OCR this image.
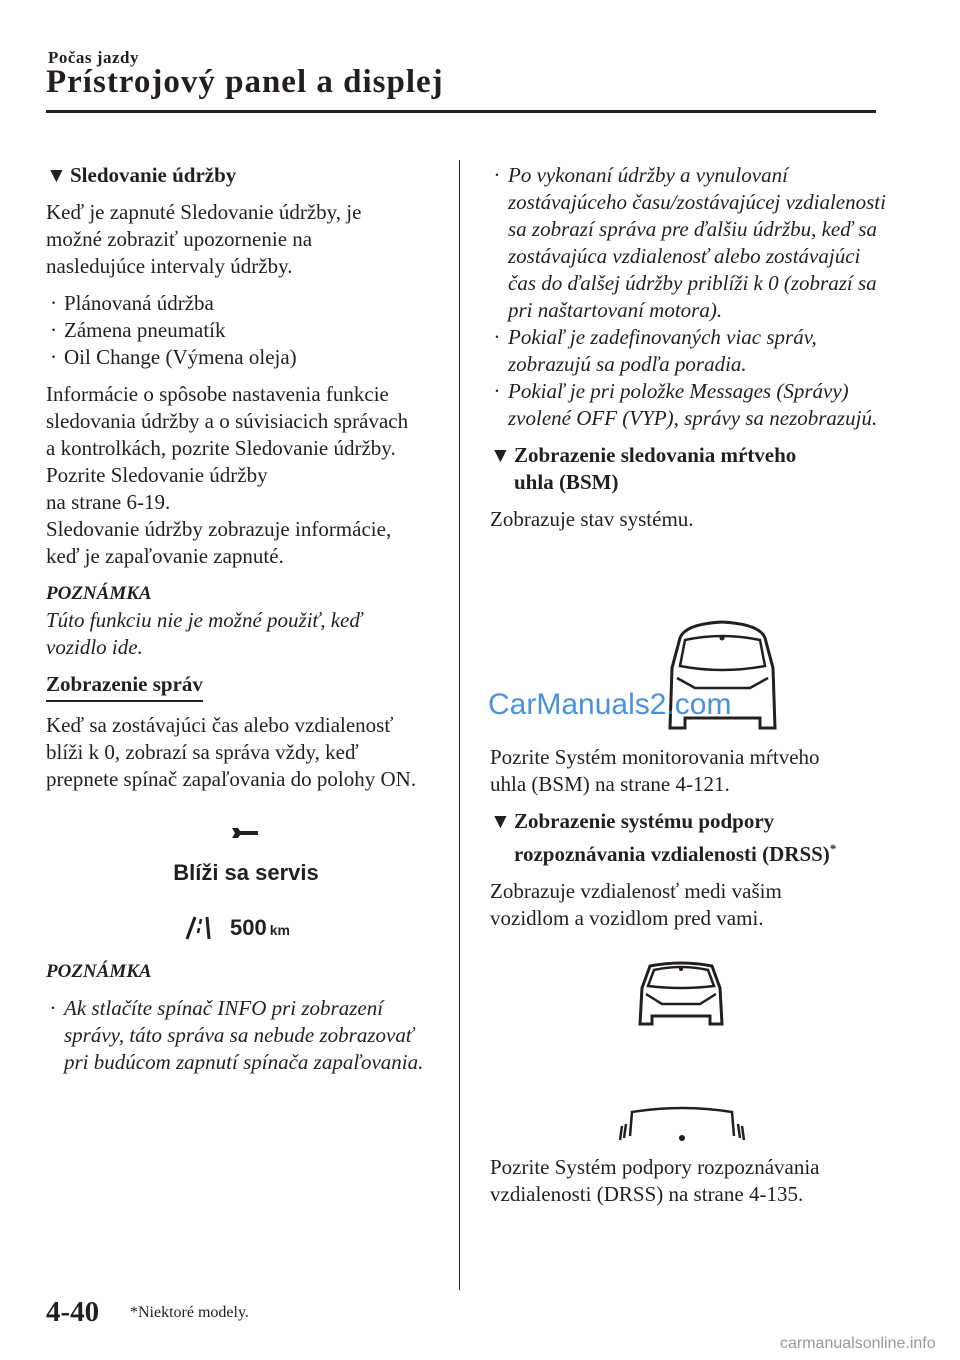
Počas jazdy
Prístrojový panel a displej
▼ Sledovanie údržby

Keď je zapnuté Sledovanie údržby, je možné zobraziť upozornenie na nasledujúce intervaly údržby.

· Plánovaná údržba
· Zámena pneumatík
· Oil Change (Výmena oleja)
Informácie o spôsobe nastavenia funkcie
sledovania údržby a o súvisiacich správach
a kontrolkách, pozrite Sledovanie údržby.
Pozrite Sledovanie údržby
na strane 6-19.
Sledovanie údržby zobrazuje informácie,
keď je zapaľovanie zapnuté.
POZNÁMKA

Túto funkciu nie je možné použiť, keď vozidlo ide.

Zobrazenie správ

Keď sa zostávajúci čas alebo vzdialenosť blíži k 0, zobrazí sa správa vždy, keď prepnete spínač zapaľovania do polohy ON.

Blíži sa servis
500 km
POZNÁMKA
· Ak stlačíte spínač INFO pri zobrazení správy, táto správa sa nebude zobrazovať pri budúcom zapnutí spínača zapaľovania.
· Po vykonaní údržby a vynulovaní zostávajúceho času/zostávajúcej vzdialenosti sa zobrazí správa pre ďalšiu údržbu, keď sa zostávajúca vzdialenosť alebo zostávajúci čas do ďalšej údržby priblíži k 0 (zobrazí sa pri naštartovaní motora).
· Pokiaľ je zadefinovaných viac správ, zobrazujú sa podľa poradia.
· Pokiaľ je pri položke Messages (Správy) zvolené OFF (VYP), správy sa nezobrazujú.
▼ Zobrazenie sledovania mŕtveho
uhla (BSM)

Zobrazuje stav systému.

Pozrite Systém monitorovania mŕtveho uhla (BSM) na strane 4-121.

▼ Zobrazenie systému podpory
rozpoznávania vzdialenosti (DRSS)*

Zobrazuje vzdialenosť medi vašim vozidlom a vozidlom pred vami.

Pozrite Systém podpory rozpoznávania vzdialenosti (DRSS) na strane 4-135.

CarManuals2.com
4-40 *Niektoré modely.
carmanualsonline.info
